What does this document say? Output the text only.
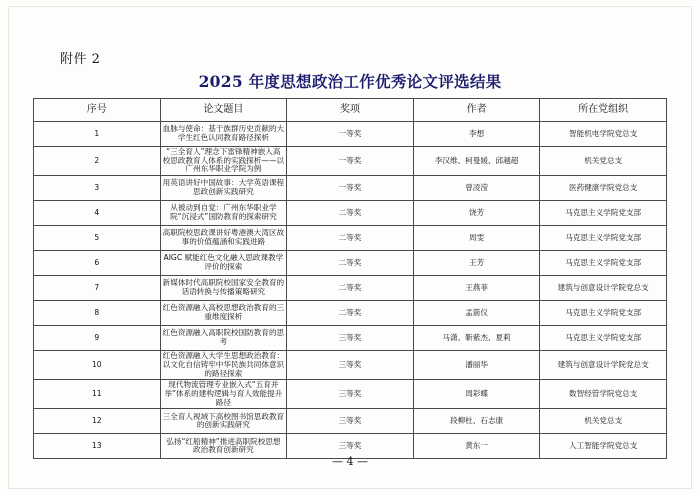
附件 2
2025 年度思想政治工作优秀论文评选结果
序号	论文题目	奖项	作者	所在党组织
1	血脉与使命：基于族群历史贡献的大学生红色认同教育路径探析	一等奖	李想	智能机电学院党总支
2	“三全育人”理念下雷锋精神嵌入高校思政教育人体系的实践探析——以广州东华职业学院为例	一等奖	李汉维、柯曼媛、邱越超	机关党总支
3	用英语讲好中国故事：大学英语课程思政创新实践研究	一等奖	曾凌滢	医药健康学院党总支
4	从被动到自觉：广州东华职业学院“沉浸式”国防教育的探索研究	二等奖	饶芳	马克思主义学院党支部
5	高职院校思政课讲好粤港澳大湾区故事的价值蕴涵和实践进路	二等奖	周雯	马克思主义学院党支部
6	AIGC 赋能红色文化融入思政课教学评价的探索	二等奖	王芳	马克思主义学院党支部
7	新媒体时代高职院校国家安全教育的话语转换与传播策略研究	二等奖	王燕菲	建筑与创意设计学院党总支
8	红色资源融入高校思想政治教育的三重维度探析	二等奖	孟箭仪	马克思主义学院党支部
9	红色资源融入高职院校国防教育的思考	三等奖	马潇、靳紫杰、夏莉	马克思主义学院党支部
10	红色资源融入大学生思想政治教育：以文化自信铸牢中华民族共同体意识的路径探索	三等奖	潘丽华	建筑与创意设计学院党总支
11	现代物流管理专业嵌入式“五育并举”体系的建构逻辑与育人效能提升路径	三等奖	周彩蝶	数智经管学院党总支
12	三全育人视域下高校图书馆思政教育的创新实践研究	三等奖	段柳杜、石志康	机关党总支
13	弘扬“红船精神”推进高职院校思想政治教育创新研究	三等奖	黄东一	人工智能学院党总支
— 4 —
